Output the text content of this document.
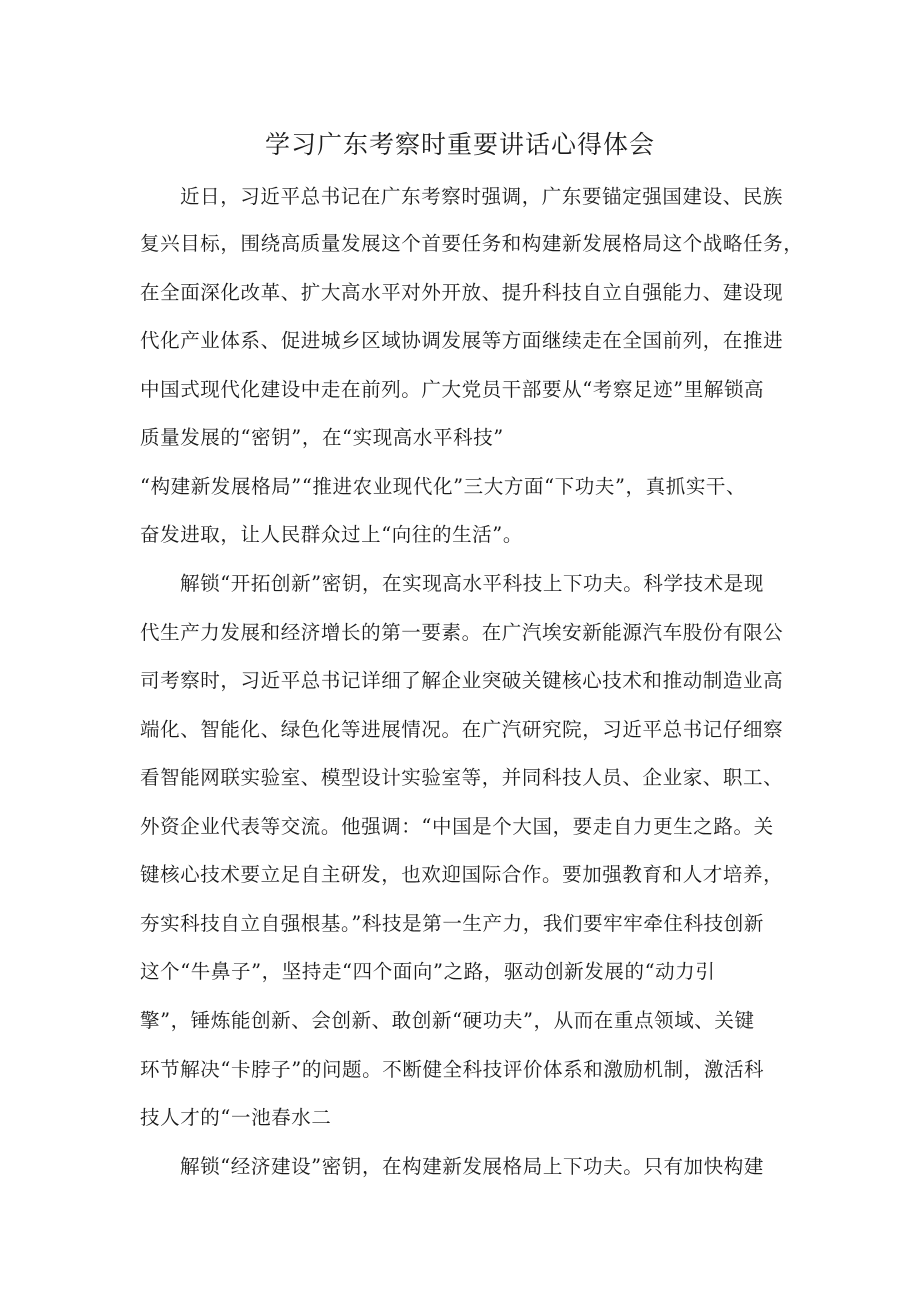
学习广东考察时重要讲话心得体会
近日，习近平总书记在广东考察时强调，广东要锚定强国建设、民族
复兴目标，围绕高质量发展这个首要任务和构建新发展格局这个战略任务，
在全面深化改革、扩大高水平对外开放、提升科技自立自强能力、建设现
代化产业体系、促进城乡区域协调发展等方面继续走在全国前列，在推进
中国式现代化建设中走在前列。广大党员干部要从“考察足迹”里解锁高
质量发展的“密钥”，在“实现高水平科技”
“构建新发展格局”“推进农业现代化”三大方面“下功夫”，真抓实干、
奋发进取，让人民群众过上“向往的生活”。
解锁“开拓创新”密钥，在实现高水平科技上下功夫。科学技术是现
代生产力发展和经济增长的第一要素。在广汽埃安新能源汽车股份有限公
司考察时，习近平总书记详细了解企业突破关键核心技术和推动制造业高
端化、智能化、绿色化等进展情况。在广汽研究院，习近平总书记仔细察
看智能网联实验室、模型设计实验室等，并同科技人员、企业家、职工、
外资企业代表等交流。他强调：“中国是个大国，要走自力更生之路。关
键核心技术要立足自主研发，也欢迎国际合作。要加强教育和人才培养，
夯实科技自立自强根基。”科技是第一生产力，我们要牢牢牵住科技创新
这个“牛鼻子”，坚持走“四个面向”之路，驱动创新发展的“动力引
擎”，锤炼能创新、会创新、敢创新“硬功夫”，从而在重点领域、关键
环节解决“卡脖子”的问题。不断健全科技评价体系和激励机制，激活科
技人才的“一池春水二
解锁“经济建设”密钥，在构建新发展格局上下功夫。只有加快构建
